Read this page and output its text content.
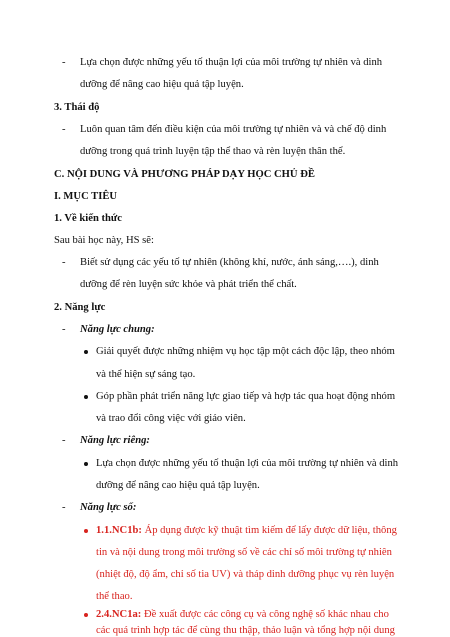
- Lựa chọn được những yếu tố thuận lợi của môi trường tự nhiên và dinh
dưỡng để nâng cao hiệu quả tập luyện.
3. Thái độ
- Luôn quan tâm đến điều kiện của môi trường tự nhiên và và chế độ dinh
dưỡng trong quá trình luyện tập thể thao và rèn luyện thân thể.
C. NỘI DUNG VÀ PHƯƠNG PHÁP DẠY HỌC CHỦ ĐỀ
I. MỤC TIÊU
1. Về kiến thức
Sau bài học này, HS sẽ:
- Biết sử dụng các yếu tố tự nhiên (không khí, nước, ánh sáng,….), dinh
dưỡng để rèn luyện sức khỏe và phát triển thể chất.
2. Năng lực
- Năng lực chung:
Giải quyết được những nhiệm vụ học tập một cách độc lập, theo nhóm
và thể hiện sự sáng tạo.
Góp phần phát triển năng lực giao tiếp và hợp tác qua hoạt động nhóm
và trao đổi công việc với giáo viên.
- Năng lực riêng:
Lựa chọn được những yếu tố thuận lợi của môi trường tự nhiên và dinh
dưỡng để nâng cao hiệu quả tập luyện.
- Năng lực số:
1.1.NC1b: Áp dụng được kỹ thuật tìm kiếm để lấy được dữ liệu, thông
tin và nội dung trong môi trường số về các chỉ số môi trường tự nhiên
(nhiệt độ, độ ẩm, chỉ số tia UV) và tháp dinh dưỡng phục vụ rèn luyện
thể thao.
2.4.NC1a: Đề xuất được các công cụ và công nghệ số khác nhau cho
các quá trình hợp tác để cùng thu thập, thảo luận và tổng hợp nội dung
